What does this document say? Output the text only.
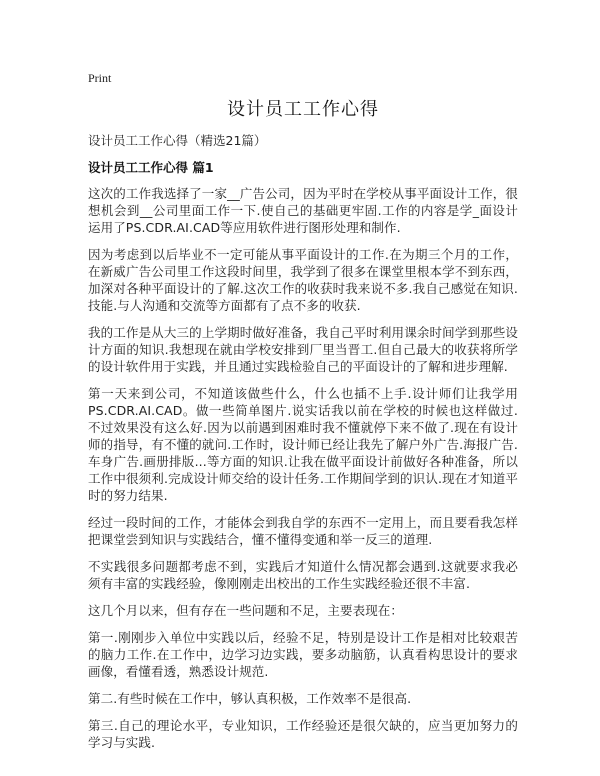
Print
设计员工工作心得
设计员工工作心得（精选21篇）
设计员工工作心得 篇1

这次的工作我选择了一家__广告公司，因为平时在学校从事平面设计工作，很想机会到__公司里面工作一下.使自己的基础更牢固.工作的内容是学_面设计运用了PS.CDR.AI.CAD等应用软件进行图形处理和制作.

因为考虑到以后毕业不一定可能从事平面设计的工作.在为期三个月的工作，在新威广告公司里工作这段时间里，我学到了很多在课堂里根本学不到东西，加深对各种平面设计的了解.这次工作的收获时我来说不多.我自己感觉在知识.技能.与人沟通和交流等方面都有了点不多的收获.

我的工作是从大三的上学期时做好准备，我自己平时利用课余时间学到那些设计方面的知识.我想现在就由学校安排到厂里当晋工.但自己最大的收获将所学的设计软件用于实践，并且通过实践检验自己的平面设计的了解和进步理解.

第一天来到公司，不知道该做些什么，什么也插不上手.设计师们让我学用PS.CDR.AI.CAD。做一些简单图片.说实话我以前在学校的时候也这样做过.不过效果没有这么好.因为以前遇到困难时我不懂就停下来不做了.现在有设计师的指导，有不懂的就问.工作时，设计师已经让我先了解户外广告.海报广告.车身广告.画册排版...等方面的知识.让我在做平面设计前做好各种准备，所以工作中很须利.完成设计师交给的设计任务.工作期间学到的识认.现在才知道平时的努力结果.

经过一段时间的工作，才能体会到我自学的东西不一定用上，而且要看我怎样把课堂尝到知识与实践结合，懂不懂得变通和举一反三的道理.

不实践很多问题都考虑不到，实践后才知道什么情况都会遇到.这就要求我必须有丰富的实践经验，像刚刚走出校出的工作生实践经验还很不丰富.

这几个月以来，但有存在一些问题和不足，主要表现在：

第一.刚刚步入单位中实践以后，经验不足，特别是设计工作是相对比较艰苦的脑力工作.在工作中，边学习边实践，要多动脑筋，认真看构思设计的要求画像，看懂看透，熟悉设计规范.

第二.有些时候在工作中，够认真积极，工作效率不是很高.

第三.自己的理论水平，专业知识，工作经验还是很欠缺的，应当更加努力的学习与实践.
